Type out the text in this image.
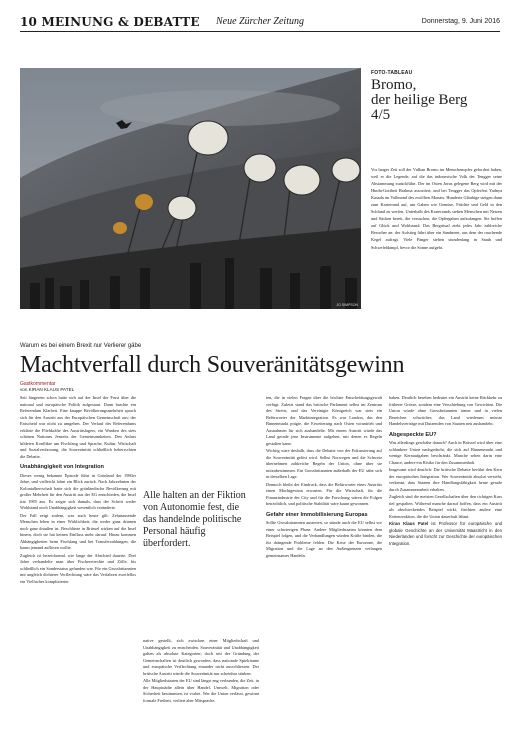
10 MEINUNG & DEBATTE	Neue Zürcher Zeitung	Donnerstag, 9. Juni 2016
JO SIMPSON
FOTO-TABLEAU
Bromo,
der heilige Berg
4/5
Vor langer Zeit soll der Vulkan Bromo im Menschenopfer gefordert haben, weil er die Legende, auf die das indonesische Volk der Tengger seine Abstammung zurückführt. Der im Osten Javas gelegene Berg wird mit der Hindu-Gottheit Brahma assoziiert; und bei Tengger das Opferfest Yadnya Kasada im Vollmond des zwölften Monats. Hunderte Gläubige steigen dann zum Kraterrand auf, um Gaben wie Gemüse, Früchte und Geld in den Schlund zu werfen. Unterhalb des Kraterrands stehen Menschen mit Netzen und Säcken bereit, die versuchen, die Opfergaben aufzufangen. Sie hoffen auf Glück und Wohlstand. Das Bergritual zieht jedes Jahr zahlreiche Besucher an; der Aufstieg führt über ein Sandmeer, aus dem der rauchende Kegel aufragt. Viele Fänger stehen stundenlang in Staub und Schwefeldampf, bevor die Sonne aufgeht.
Warum es bei einem Brexit nur Verlierer gäbe
Machtverfall durch Souveränitätsgewinn
Gastkommentar
von KIRAN KLAUS PATEL

Seit längerem schon hatte sich auf der Insel der Frust über die national und europäische Politik aufgestaut. Dann brachte ein Referendum Klarheit. Eine knappe Bevölkerungsmehrheit sprach sich für den Austritt aus der Europäischen Gemeinschaft aus; der Entscheid war nicht zu umgehen. Der Verlauf des Referendums erklärte die Fliehkräfte des Austrittslagers, ein Wanken des stets schönen Nationes Jenseits der Gemeinsamkeiten. Den Anlass bildeten Konflikte um Fischfang und Sprache, Kultur, Wirtschaft und Sozialverfassung, die Souveränität schließlich beherrschten die Debatte.

Unabhängigkeit von Integration

Dieses wenig bekannte Episode führt in Grönland der 1980er Jahre, und vielleicht lohnt ein Blick zurück. Nach Jahrzehnten der Kolonialherrschaft hatte sich die grönländische Bevölkerung mit großer Mehrheit für den Austritt aus der EG entschieden, die Insel trat 1985 aus. Es zeigte sich damals, dass der Schritt weder Wohlstand noch Unabhängigkeit wesentlich veränderte.

Der Fall zeigt zudem, was auch heute gilt: Zehntausende Menschen leben in einer Wirklichkeit, die weder ganz drinnen noch ganz draußen ist. Beschlüsse in Brüssel wirken auf die Insel hinein, doch sie hat keinen Einfluss mehr darauf. Hinzu kommen Abhängigkeiten beim Fischfang und bei Transferzahlungen, die kaum jemand auflösen wollte.

Zugleich ist bezeichnend, wie lange der Abschied dauerte. Drei Jahre verhandelte man über Fischereirechte und Zölle, bis schließlich ein Sonderstatus gefunden war. Für ein Grossbritannien mit ungleich dichterer Verflechtung wäre das Verfahren zweifellos ein Vielfaches komplizierter.

Alle halten an der Fiktion von Autonomie fest, die das handelnde politische Personal häufig überfordert.

native gestellt, sich zwischen einer Mitgliedschaft und Unabhängigkeit zu entscheiden. Souveränität und Unabhängigkeit galten als absolute Kategorien; doch seit der Gründung der Gemeinschaften ist deutlich geworden, dass nationale Spielräume und europäische Verflechtung einander nicht ausschliessen. Der britische Austritt würde die Souveränität nur scheinbar stärken.

Alle Mitgliedstaaten der EU sind längst eng verbunden, die Zeit, in der Hauptstädte allein über Handel, Umwelt, Migration oder Sicherheit bestimmten, ist vorbei. Wer die Union verlässt, gewinnt formale Freiheit, verliert aber Mitsprache.

ten, die in vielen Fragen über die höchste Entscheidungsgewalt verfügt. Zuletzt stand das britische Parlament selbst im Zentrum des Streits, und das Vereinigte Königreich war stets ein Befürworter der Marktintegration. Es war London, das den Binnenmarkt prägte, die Erweiterung nach Osten vorantrieb und Ausnahmen für sich aushandelte. Mit einem Austritt würde das Land gerade jene Instrumente aufgeben, mit denen es Regeln gestalten kann.

Wichtig wäre deshalb, dass die Debatte von der Fokussierung auf die Souveränität gelöst wird. Selbst Norwegen und die Schweiz übernehmen zahlreiche Regeln der Union, ohne über sie mitzubestimmen. Ein Grossbritannien außerhalb der EU sähe sich in derselben Lage.

Dennoch bleibt der Eindruck, dass die Befürworter eines Austritts einen Machtgewinn erwarten. Für die Wirtschaft, für die Finanzindustrie der City und für die Forschung wären die Folgen beträchtlich, und politische Stabilität wäre kaum gewonnen.

Gefahr einer Immobilisierung Europas

Sollte Grossbritannien austreten, so stünde auch die EU selbst vor einer schwierigen Phase. Andere Mitgliedstaaten könnten dem Beispiel folgen, und die Verhandlungen würden Kräfte binden, die für drängende Probleme fehlen. Die Krise der Eurozone, die Migration und die Lage an den Außengrenzen verlangen gemeinsames Handeln.

haben. Deutlich besehen bedeutet ein Austritt keine Rückkehr zu früherer Grösse, sondern eine Verschiebung von Gewichten. Die Union würde ohne Grossbritannien ärmer und in vielen Bereichen schwächer; das Land wiederum müsste Handelsverträge mit Dutzenden von Staaten neu aushandeln.

Abgespeckte EU?

Was allerdings geschähe danach? Auch in Brüssel wird über eine schlankere Union nachgedacht, die sich auf Binnenmarkt und wenige Kernaufgaben beschränkt. Manche sehen darin eine Chance, andere ein Risiko für den Zusammenhalt.

Insgesamt wird deutlich: Die britische Debatte berührt den Kern der europäischen Integration. Wer Souveränität absolut versteht, verkennt, dass Staaten ihre Handlungsfähigkeit heute gerade durch Zusammenarbeit erhalten.

Zugleich sind die meisten Gesellschaften über den richtigen Kurs tief gespalten. Während manche darauf hoffen, dass ein Austritt als abschreckendes Beispiel wirkt, fürchten andere eine Kettenreaktion, die die Union dauerhaft lähmt.

Kiran Klaus Patel ist Professor für europäische und globale Geschichte an der Universität Maastricht in den Niederlanden und forscht zur Geschichte der europäischen Integration.
